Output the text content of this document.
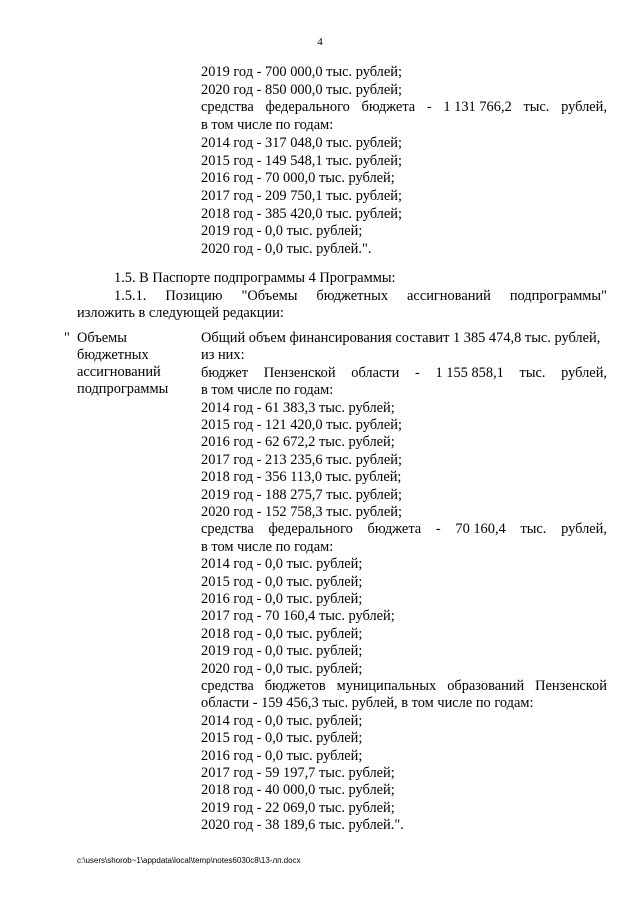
4
2019 год - 700 000,0 тыс. рублей;
2020 год - 850 000,0 тыс. рублей;
средства федерального бюджета - 1 131 766,2 тыс. рублей,
в том числе по годам:
2014 год - 317 048,0 тыс. рублей;
2015 год - 149 548,1 тыс. рублей;
2016 год - 70 000,0 тыс. рублей;
2017 год - 209 750,1 тыс. рублей;
2018 год - 385 420,0 тыс. рублей;
2019 год - 0,0 тыс. рублей;
2020 год - 0,0 тыс. рублей.".
1.5. В Паспорте подпрограммы 4 Программы:
1.5.1. Позицию "Объемы бюджетных ассигнований подпрограммы"
изложить в следующей редакции:
" Объемы
бюджетных
ассигнований
подпрограммы
Общий объем финансирования составит 1 385 474,8 тыс. рублей,
из них:
бюджет Пензенской области - 1 155 858,1 тыс. рублей,
в том числе по годам:
2014 год - 61 383,3 тыс. рублей;
2015 год - 121 420,0 тыс. рублей;
2016 год - 62 672,2 тыс. рублей;
2017 год - 213 235,6 тыс. рублей;
2018 год - 356 113,0 тыс. рублей;
2019 год - 188 275,7 тыс. рублей;
2020 год - 152 758,3 тыс. рублей;
средства федерального бюджета - 70 160,4 тыс. рублей,
в том числе по годам:
2014 год - 0,0 тыс. рублей;
2015 год - 0,0 тыс. рублей;
2016 год - 0,0 тыс. рублей;
2017 год - 70 160,4 тыс. рублей;
2018 год - 0,0 тыс. рублей;
2019 год - 0,0 тыс. рублей;
2020 год - 0,0 тыс. рублей;
средства бюджетов муниципальных образований Пензенской
области - 159 456,3 тыс. рублей, в том числе по годам:
2014 год - 0,0 тыс. рублей;
2015 год - 0,0 тыс. рублей;
2016 год - 0,0 тыс. рублей;
2017 год - 59 197,7 тыс. рублей;
2018 год - 40 000,0 тыс. рублей;
2019 год - 22 069,0 тыс. рублей;
2020 год - 38 189,6 тыс. рублей.".
c:\users\shorob~1\appdata\local\temp\notes6030c8\13-лп.docx
